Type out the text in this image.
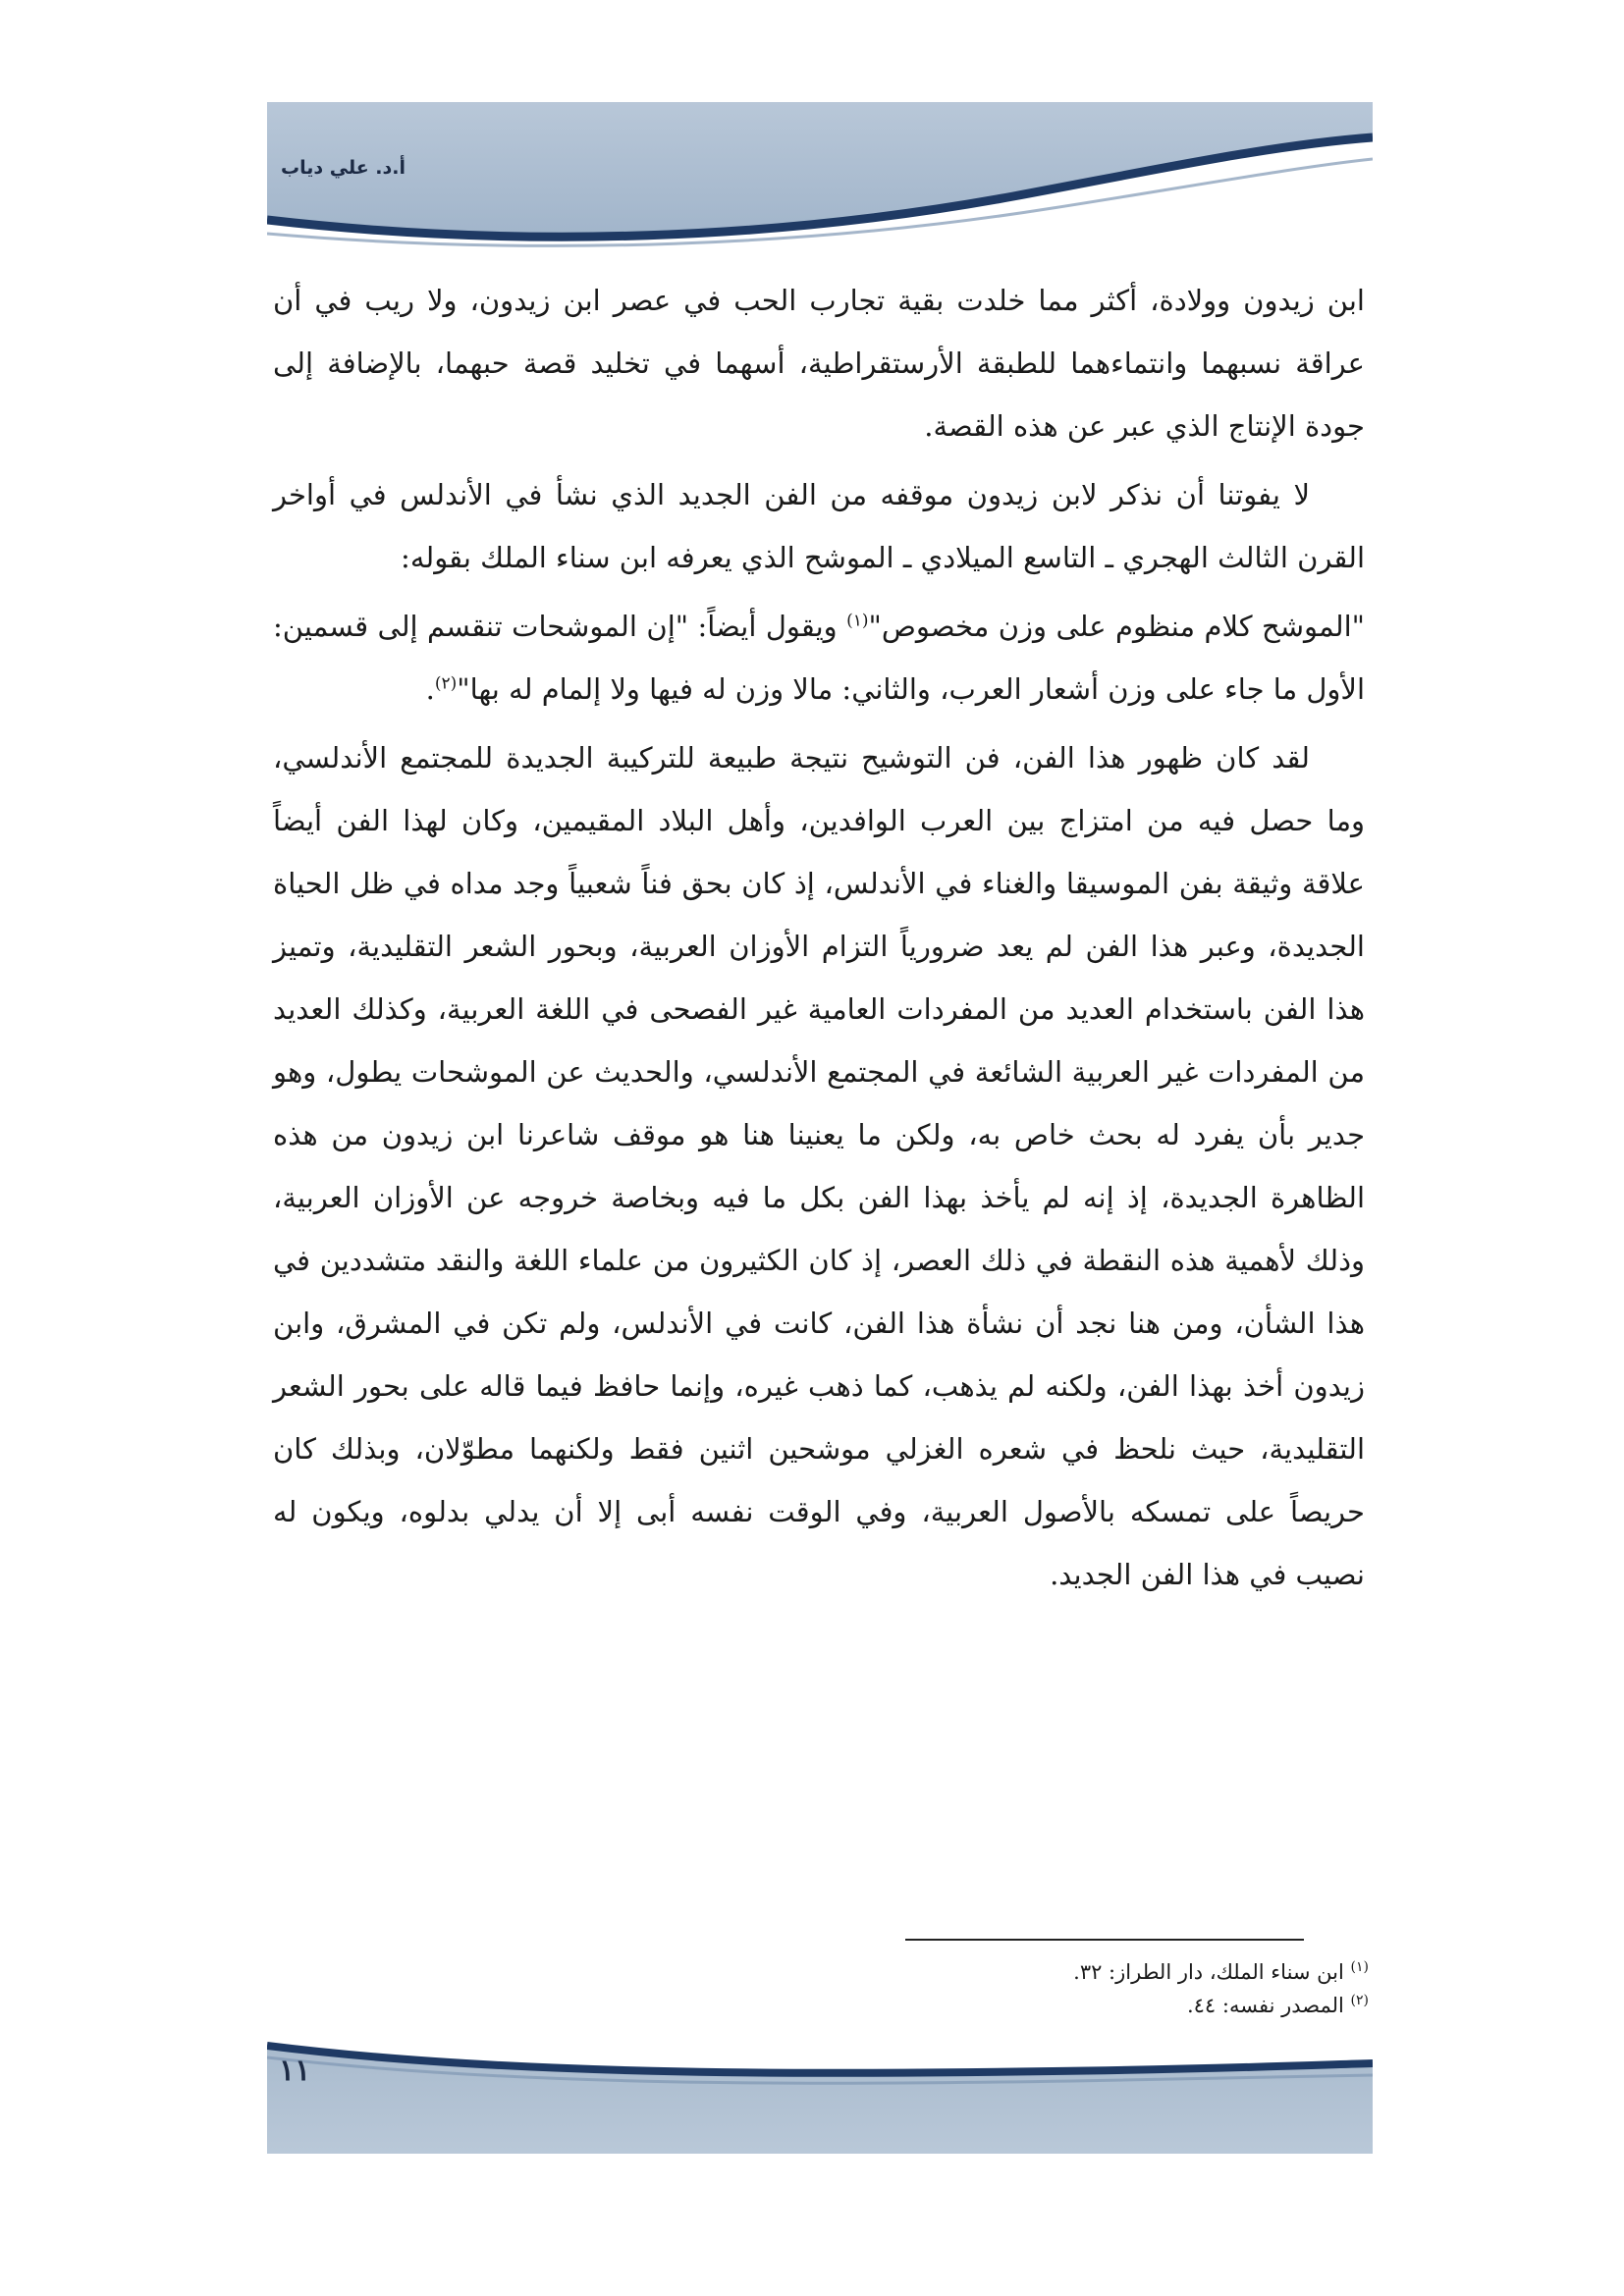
أ.د. علي دياب

ابن زيدون وولادة، أكثر مما خلدت بقية تجارب الحب في عصر ابن زيدون، ولا ريب في أن عراقة نسبهما وانتماءهما للطبقة الأرستقراطية، أسهما في تخليد قصة حبهما، بالإضافة إلى جودة الإنتاج الذي عبر عن هذه القصة.

لا يفوتنا أن نذكر لابن زيدون موقفه من الفن الجديد الذي نشأ في الأندلس في أواخر القرن الثالث الهجري ـ التاسع الميلادي ـ الموشح الذي يعرفه ابن سناء الملك بقوله:

"الموشح كلام منظوم على وزن مخصوص"$^{(١)}$ ويقول أيضاً: "إن الموشحات تنقسم إلى قسمين: الأول ما جاء على وزن أشعار العرب، والثاني: مالا وزن له فيها ولا إلمام له بها"$^{(٢)}$.

لقد كان ظهور هذا الفن، فن التوشيح نتيجة طبيعة للتركيبة الجديدة للمجتمع الأندلسي، وما حصل فيه من امتزاج بين العرب الوافدين، وأهل البلاد المقيمين، وكان لهذا الفن أيضاً علاقة وثيقة بفن الموسيقا والغناء في الأندلس، إذ كان بحق فناً شعبياً وجد مداه في ظل الحياة الجديدة، وعبر هذا الفن لم يعد ضرورياً التزام الأوزان العربية، وبحور الشعر التقليدية، وتميز هذا الفن باستخدام العديد من المفردات العامية غير الفصحى في اللغة العربية، وكذلك العديد من المفردات غير العربية الشائعة في المجتمع الأندلسي، والحديث عن الموشحات يطول، وهو جدير بأن يفرد له بحث خاص به، ولكن ما يعنينا هنا هو موقف شاعرنا ابن زيدون من هذه الظاهرة الجديدة، إذ إنه لم يأخذ بهذا الفن بكل ما فيه وبخاصة خروجه عن الأوزان العربية، وذلك لأهمية هذه النقطة في ذلك العصر، إذ كان الكثيرون من علماء اللغة والنقد متشددين في هذا الشأن، ومن هنا نجد أن نشأة هذا الفن، كانت في الأندلس، ولم تكن في المشرق، وابن زيدون أخذ بهذا الفن، ولكنه لم يذهب، كما ذهب غيره، وإنما حافظ فيما قاله على بحور الشعر التقليدية، حيث نلحظ في شعره الغزلي موشحين اثنين فقط ولكنهما مطوّلان، وبذلك كان حريصاً على تمسكه بالأصول العربية، وفي الوقت نفسه أبى إلا أن يدلي بدلوه، ويكون له نصيب في هذا الفن الجديد.

$^{(١)}$ ابن سناء الملك، دار الطراز: ٣٢.

$^{(٢)}$ المصدر نفسه: ٤٤.

١١
